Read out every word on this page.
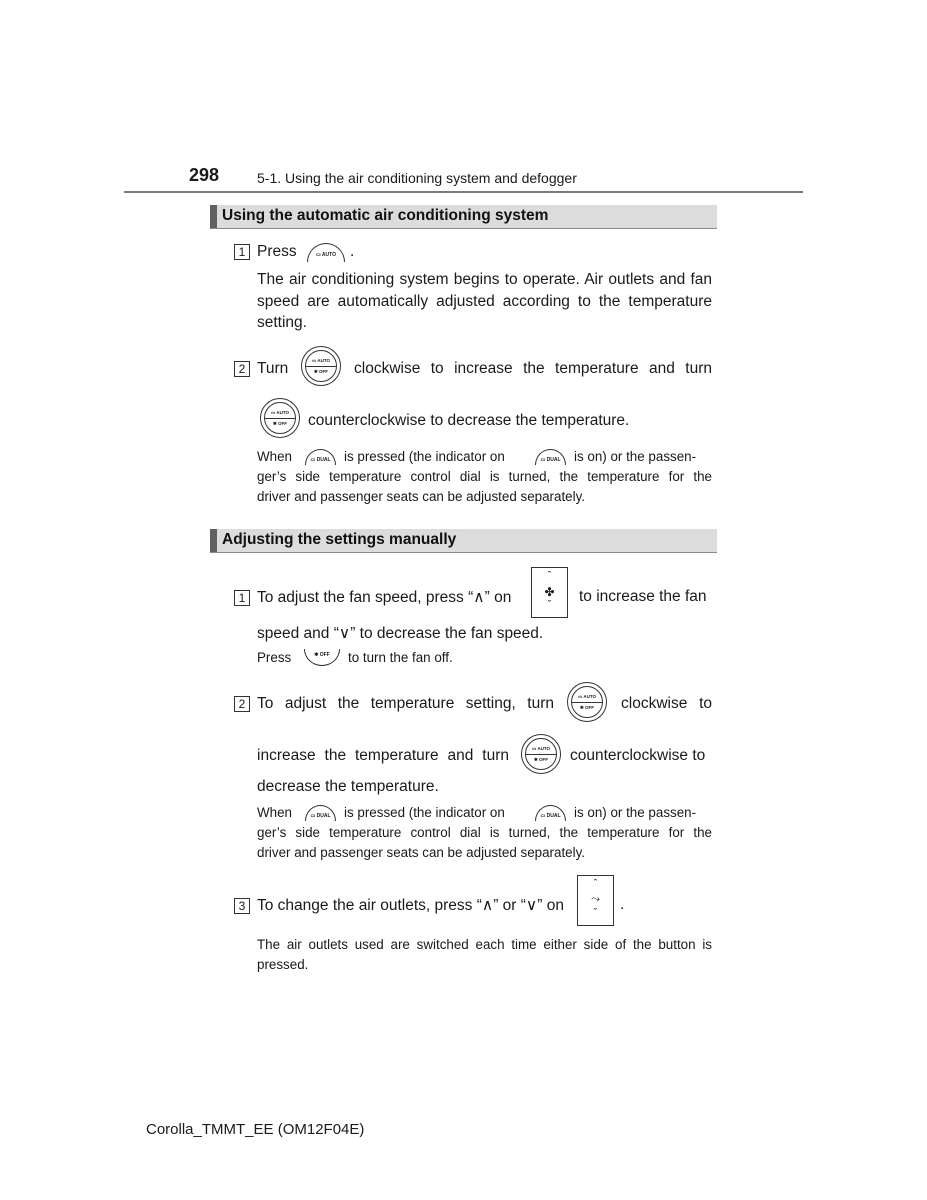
298	5-1. Using the air conditioning system and defogger
Using the automatic air conditioning system
1 Press	▭ AUTO .
The air conditioning system begins to operate. Air outlets and fan speed are automatically adjusted according to the temperature setting.
2 Turn	▭ AUTO
✱ OFF	clockwise to increase the temperature and turn
▭ AUTO
✱ OFF	counterclockwise to decrease the temperature.
When	▭ DUAL	is pressed (the indicator on	▭ DUAL	is on) or the passen-
ger’s side temperature control dial is turned, the temperature for the
driver and passenger seats can be adjusted separately.
Adjusting the settings manually
1 To adjust the fan speed, press “∧” on
ˆ
✤
ˇ	to increase the fan
speed and “∨” to decrease the fan speed.
Press	✱ OFF	to turn the fan off.
2 To adjust the temperature setting, turn	▭ AUTO
✱ OFF	clockwise to
increase the temperature and turn	▭ AUTO
✱ OFF	counterclockwise to
decrease the temperature.
When	▭ DUAL	is pressed (the indicator on	▭ DUAL	is on) or the passen-
ger’s side temperature control dial is turned, the temperature for the
driver and passenger seats can be adjusted separately.
3 To change the air outlets, press “∧” or “∨” on
ˆ
⤳
ˇ	.
The air outlets used are switched each time either side of the button is pressed.
Corolla_TMMT_EE (OM12F04E)
